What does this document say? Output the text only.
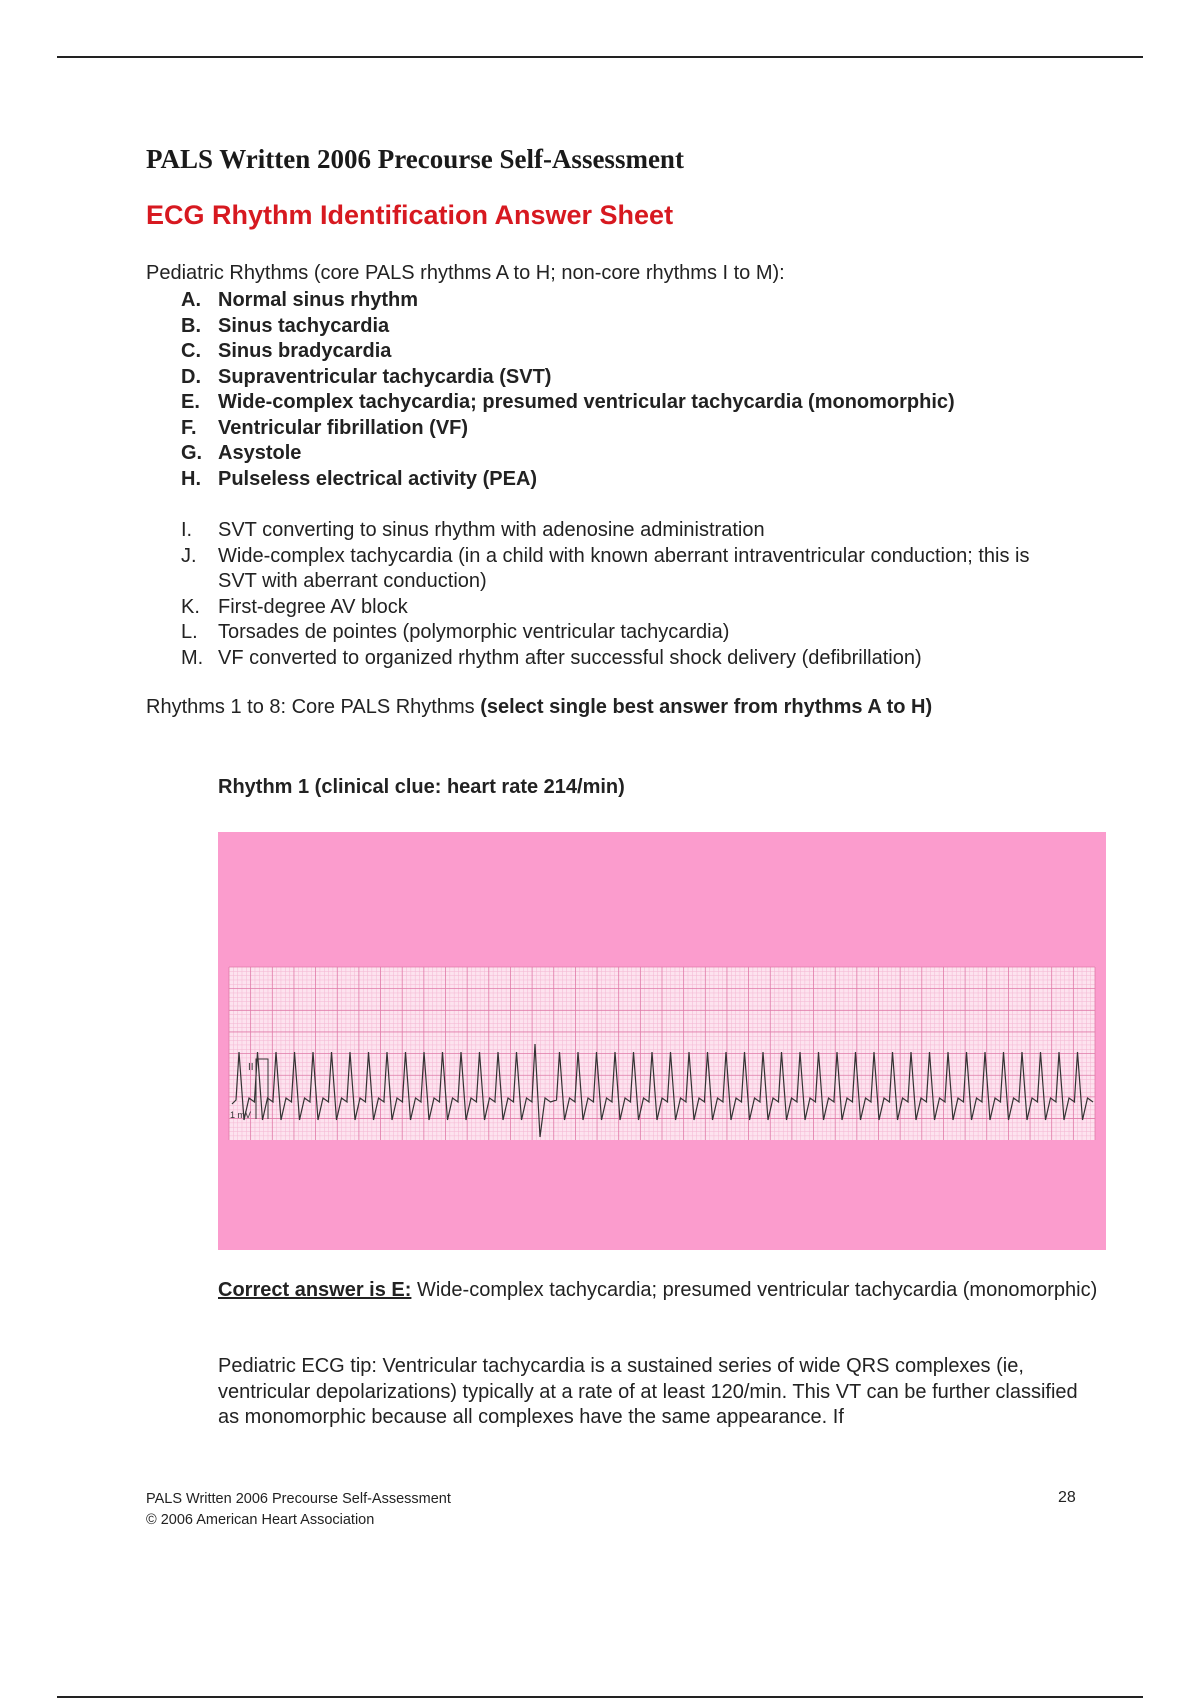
PALS Written 2006 Precourse Self-Assessment
ECG Rhythm Identification Answer Sheet
Pediatric Rhythms (core PALS rhythms A to H; non-core rhythms I to M):
A. Normal sinus rhythm
B. Sinus tachycardia
C. Sinus bradycardia
D. Supraventricular tachycardia (SVT)
E. Wide-complex tachycardia; presumed ventricular tachycardia (monomorphic)
F.	Ventricular fibrillation (VF)
G. Asystole
H. Pulseless electrical activity (PEA)
I.	SVT converting to sinus rhythm with adenosine administration
J.	Wide-complex tachycardia (in a child with known aberrant intraventricular conduction; this is SVT with aberrant conduction)
K. First-degree AV block
L.	Torsades de pointes (polymorphic ventricular tachycardia)
M. VF converted to organized rhythm after successful shock delivery (defibrillation)
Rhythms 1 to 8: Core PALS Rhythms (select single best answer from rhythms A to H)
Rhythm 1 (clinical clue: heart rate 214/min)
II
1 mV
Correct answer is E: Wide-complex tachycardia; presumed ventricular tachycardia (monomorphic)
Pediatric ECG tip: Ventricular tachycardia is a sustained series of wide QRS complexes (ie, ventricular depolarizations) typically at a rate of at least 120/min. This VT can be further classified as monomorphic because all complexes have the same appearance. If
PALS Written 2006 Precourse Self-Assessment
© 2006 American Heart Association
28
